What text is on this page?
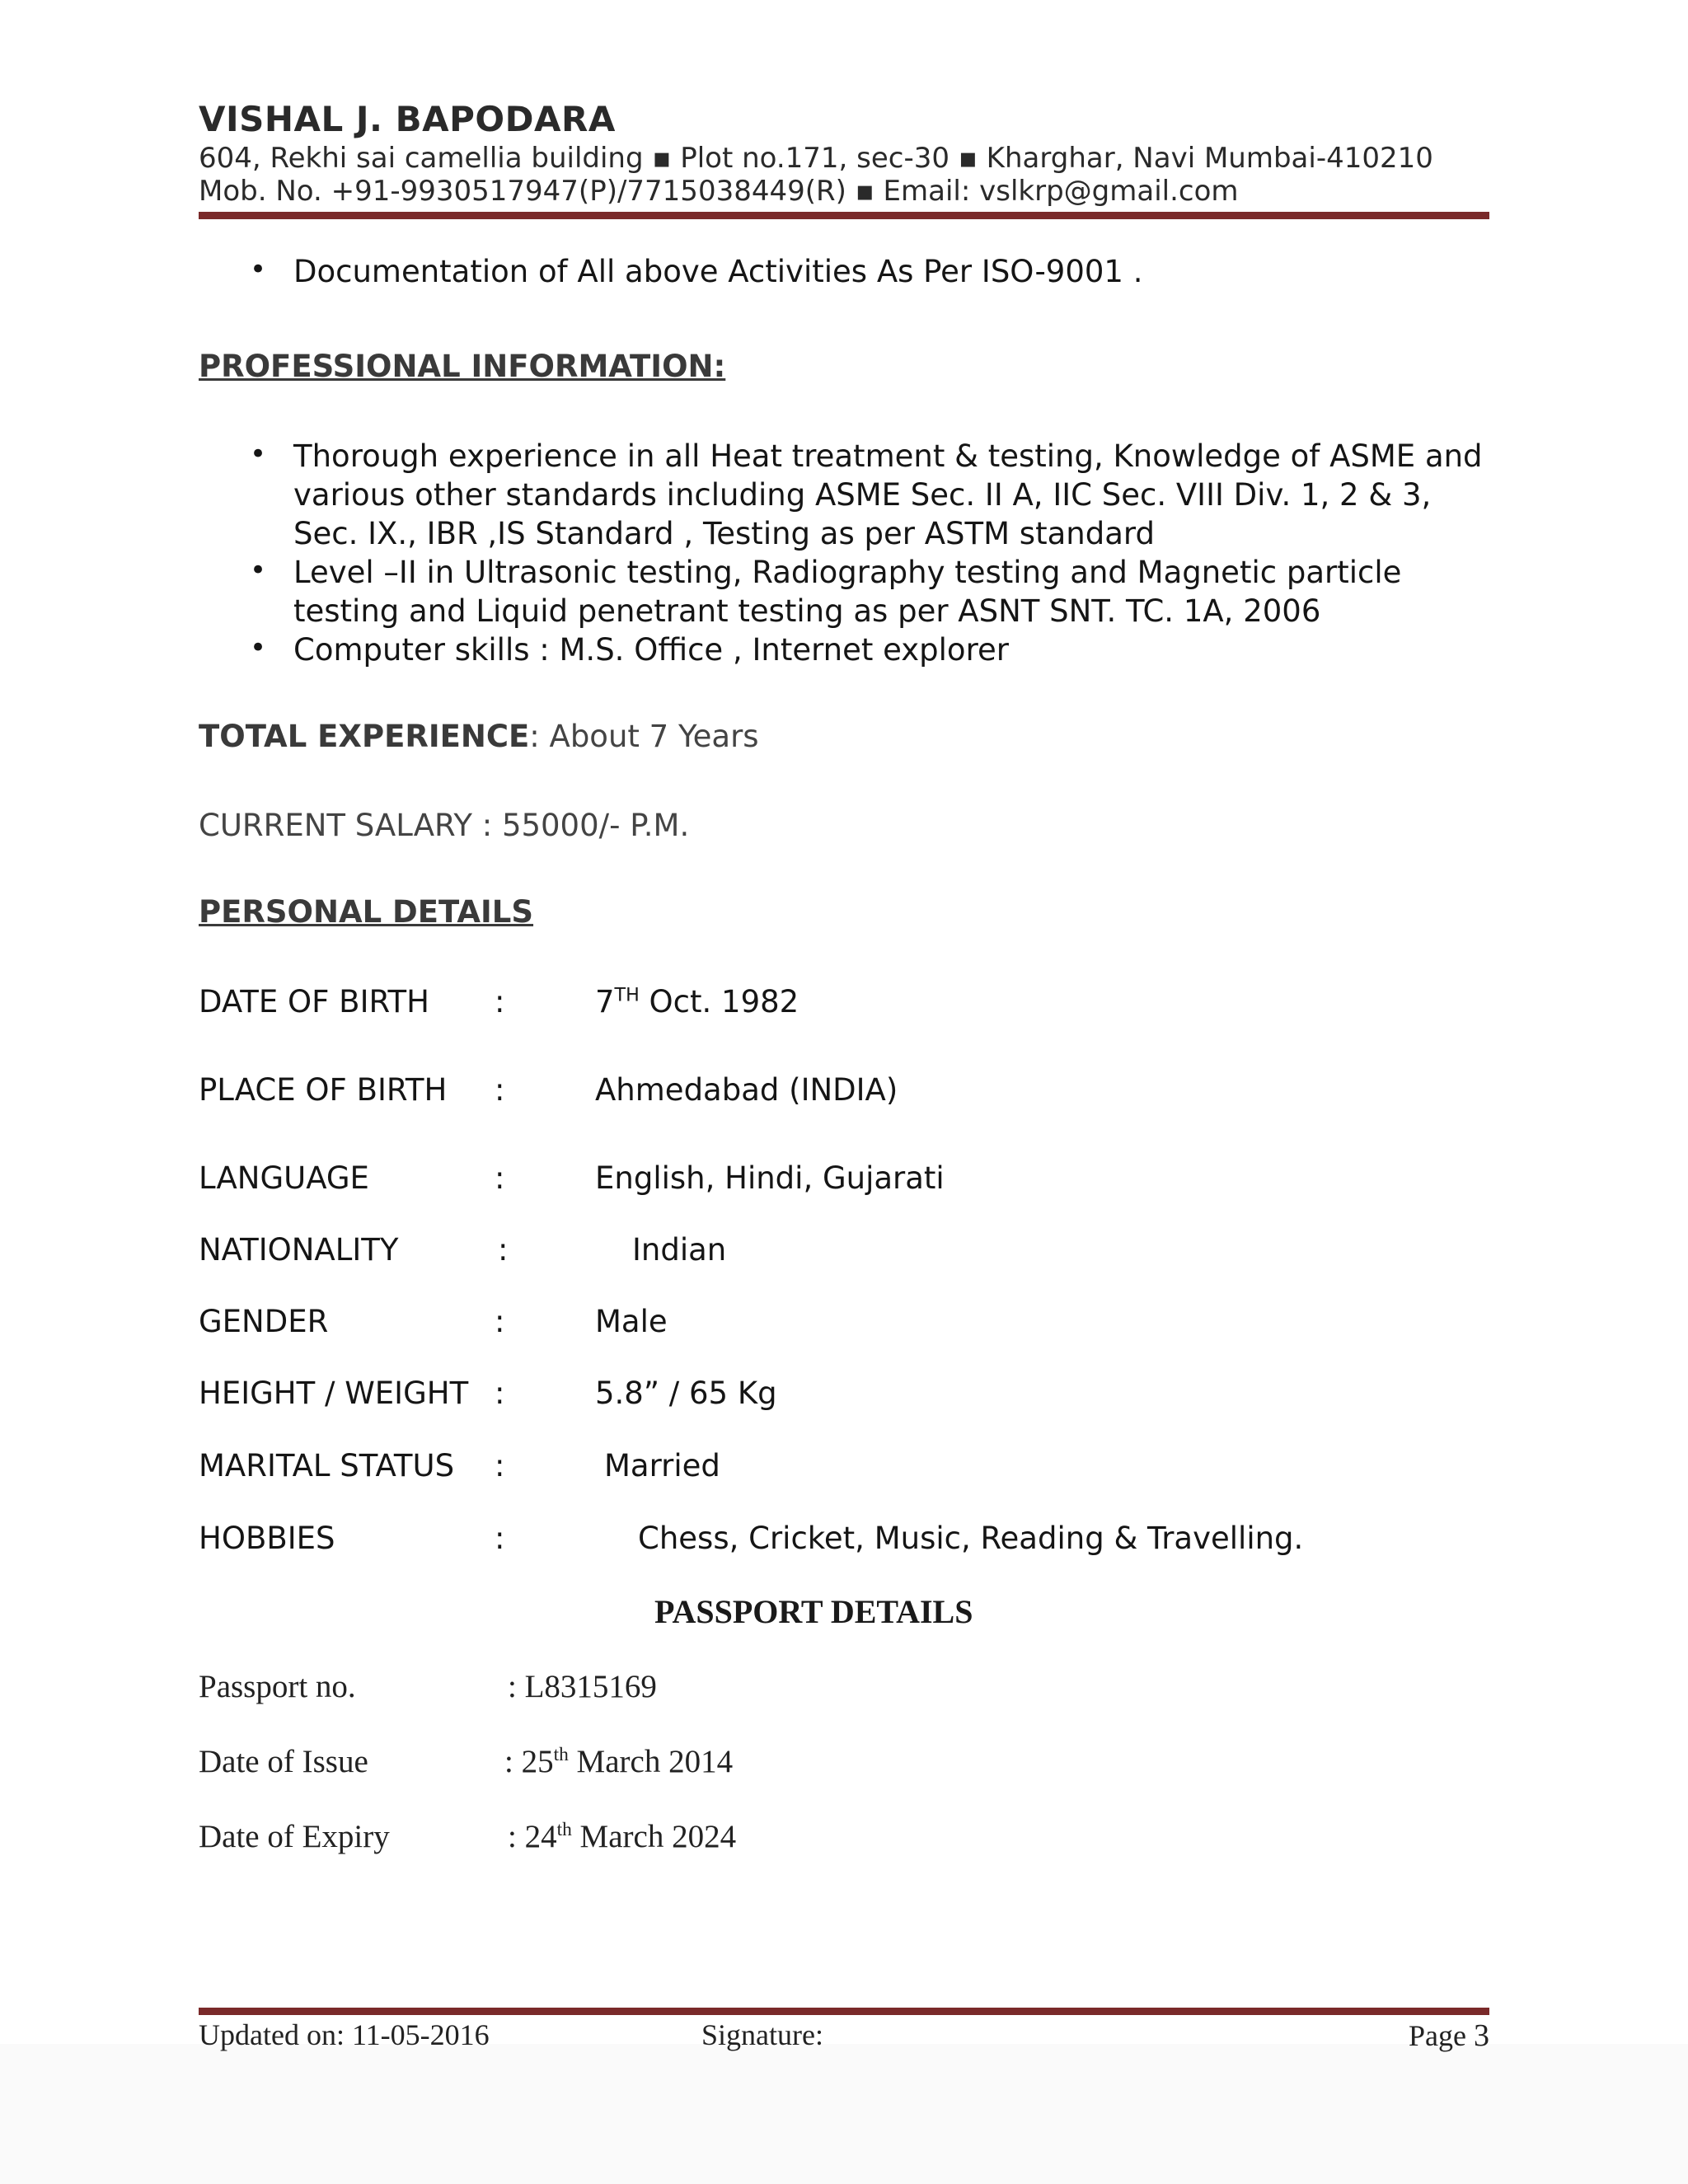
VISHAL J. BAPODARA
604, Rekhi sai camellia building ▪ Plot no.171, sec-30 ▪ Kharghar, Navi Mumbai-410210
Mob. No. +91-9930517947(P)/7715038449(R) ▪ Email: vslkrp@gmail.com
• Documentation of All above Activities As Per ISO-9001 .
PROFESSIONAL INFORMATION:
• Thorough experience in all Heat treatment & testing, Knowledge of ASME and various other standards including ASME Sec. II A, IIC Sec. VIII Div. 1, 2 & 3, Sec. IX., IBR ,IS Standard , Testing as per ASTM standard
• Level –II in Ultrasonic testing, Radiography testing and Magnetic particle testing and Liquid penetrant testing as per ASNT SNT. TC. 1A, 2006
• Computer skills : M.S. Office , Internet explorer
TOTAL EXPERIENCE: About 7 Years
CURRENT SALARY : 55000/- P.M.
PERSONAL DETAILS
DATE OF BIRTH :	7TH Oct. 1982
PLACE OF BIRTH :	Ahmedabad (INDIA)
LANGUAGE	:	English, Hindi, Gujarati
NATIONALITY	:	Indian
GENDER	:	Male
HEIGHT / WEIGHT :	5.8” / 65 Kg
MARITAL STATUS :	Married
HOBBIES	:	Chess, Cricket, Music, Reading & Travelling.
PASSPORT DETAILS
Passport no.	: L8315169
Date of Issue	: 25th March 2014
Date of Expiry	: 24th March 2024
Updated on: 11-05-2016	Signature:	Page 3
